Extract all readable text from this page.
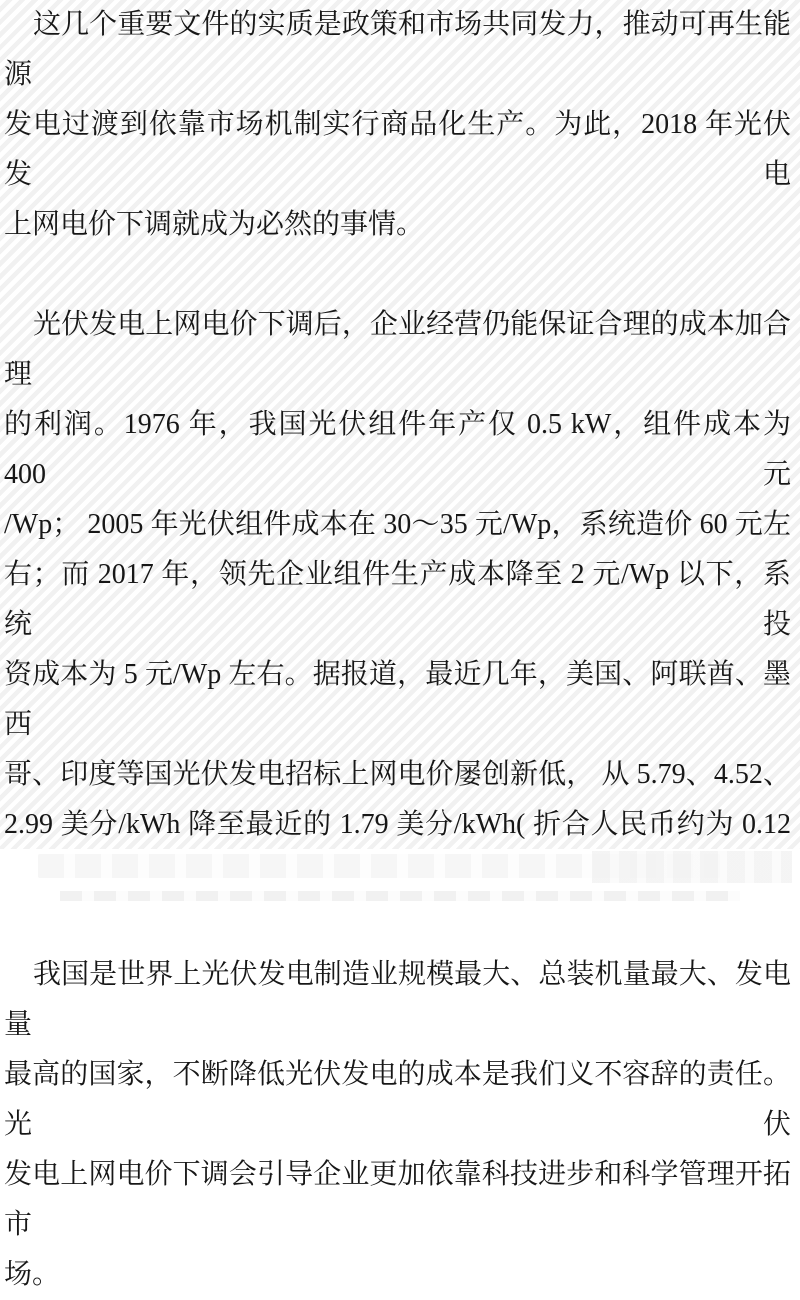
这几个重要文件的实质是政策和市场共同发力，推动可再生能源
发电过渡到依靠市场机制实行商品化生产。为此，2018 年光伏发电
上网电价下调就成为必然的事情。

光伏发电上网电价下调后，企业经营仍能保证合理的成本加合理
的利润。1976 年，我国光伏组件年产仅 0.5 kW，组件成本为 400 元
/Wp； 2005 年光伏组件成本在 30～35 元/Wp，系统造价 60 元左
右；而 2017 年，领先企业组件生产成本降至 2 元/Wp 以下，系统投
资成本为 5 元/Wp 左右。据报道，最近几年，美国、阿联酋、墨西
哥、印度等国光伏发电招标上网电价屡创新低， 从 5.79、4.52、
2.99 美分/kWh 降至最近的 1.79 美分/kWh( 折合人民币约为 0.12

我国是世界上光伏发电制造业规模最大、总装机量最大、发电量
最高的国家，不断降低光伏发电的成本是我们义不容辞的责任。光伏
发电上网电价下调会引导企业更加依靠科技进步和科学管理开拓市
场。
